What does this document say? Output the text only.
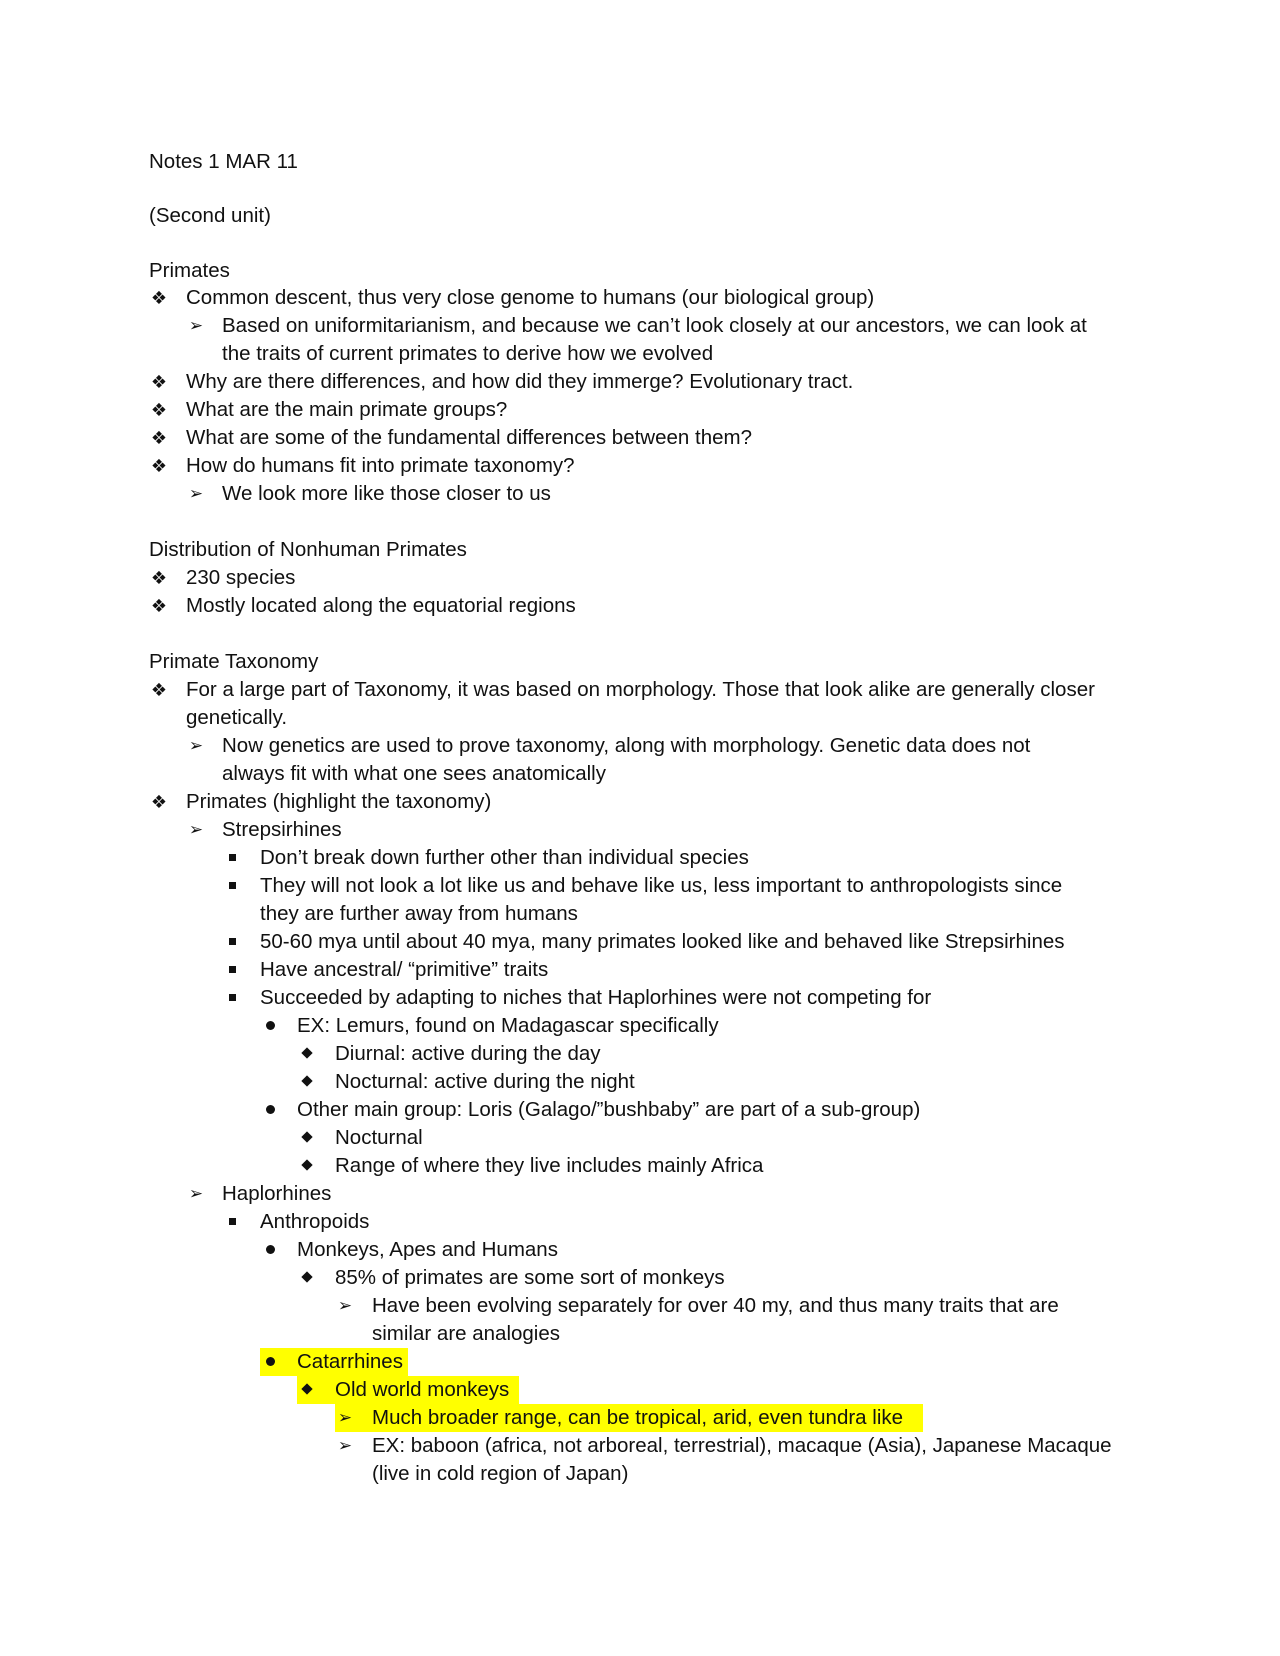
Notes 1 MAR 11
(Second unit)
Primates
❖ Common descent, thus very close genome to humans (our biological group)
➢ Based on uniformitarianism, and because we can’t look closely at our ancestors, we can look at
the traits of current primates to derive how we evolved
❖ Why are there differences, and how did they immerge? Evolutionary tract.
❖ What are the main primate groups?
❖ What are some of the fundamental differences between them?
❖ How do humans fit into primate taxonomy?
➢ We look more like those closer to us
Distribution of Nonhuman Primates
❖ 230 species
❖ Mostly located along the equatorial regions
Primate Taxonomy
❖ For a large part of Taxonomy, it was based on morphology. Those that look alike are generally closer
genetically.
➢ Now genetics are used to prove taxonomy, along with morphology. Genetic data does not
always fit with what one sees anatomically
❖ Primates (highlight the taxonomy)
➢ Strepsirhines
Don’t break down further other than individual species
They will not look a lot like us and behave like us, less important to anthropologists since
they are further away from humans
50-60 mya until about 40 mya, many primates looked like and behaved like Strepsirhines
Have ancestral/ “primitive” traits
Succeeded by adapting to niches that Haplorhines were not competing for
EX: Lemurs, found on Madagascar specifically
Diurnal: active during the day
Nocturnal: active during the night
Other main group: Loris (Galago/”bushbaby” are part of a sub-group)
Nocturnal
Range of where they live includes mainly Africa
➢ Haplorhines
Anthropoids
Monkeys, Apes and Humans
85% of primates are some sort of monkeys
➢ Have been evolving separately for over 40 my, and thus many traits that are
similar are analogies
Catarrhines
Old world monkeys
➢ Much broader range, can be tropical, arid, even tundra like
➢ EX: baboon (africa, not arboreal, terrestrial), macaque (Asia), Japanese Macaque
(live in cold region of Japan)
